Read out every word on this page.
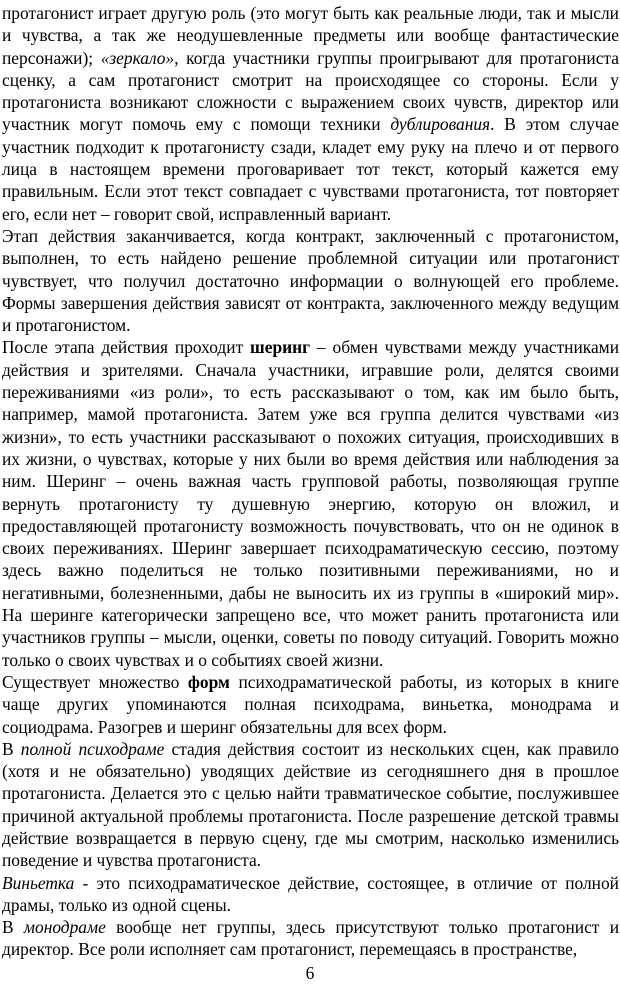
протагонист играет другую роль (это могут быть как реальные люди, так и мысли и чувства, а так же неодушевленные предметы или вообще фантастические персонажи); «зеркало», когда участники группы проигрывают для протагониста сценку, а сам протагонист смотрит на происходящее со стороны. Если у протагониста возникают сложности с выражением своих чувств, директор или участник могут помочь ему с помощи техники дублирования. В этом случае участник подходит к протагонисту сзади, кладет ему руку на плечо и от первого лица в настоящем времени проговаривает тот текст, который кажется ему правильным. Если этот текст совпадает с чувствами протагониста, тот повторяет его, если нет – говорит свой, исправленный вариант.

Этап действия заканчивается, когда контракт, заключенный с протагонистом, выполнен, то есть найдено решение проблемной ситуации или протагонист чувствует, что получил достаточно информации о волнующей его проблеме. Формы завершения действия зависят от контракта, заключенного между ведущим и протагонистом.

После этапа действия проходит шеринг – обмен чувствами между участниками действия и зрителями. Сначала участники, игравшие роли, делятся своими переживаниями «из роли», то есть рассказывают о том, как им было быть, например, мамой протагониста. Затем уже вся группа делится чувствами «из жизни», то есть участники рассказывают о похожих ситуация, происходивших в их жизни, о чувствах, которые у них были во время действия или наблюдения за ним. Шеринг – очень важная часть групповой работы, позволяющая группе вернуть протагонисту ту душевную энергию, которую он вложил, и предоставляющей протагонисту возможность почувствовать, что он не одинок в своих переживаниях. Шеринг завершает психодраматическую сессию, поэтому здесь важно поделиться не только позитивными переживаниями, но и негативными, болезненными, дабы не выносить их из группы в «широкий мир». На шеринге категорически запрещено все, что может ранить протагониста или участников группы – мысли, оценки, советы по поводу ситуаций. Говорить можно только о своих чувствах и о событиях своей жизни.

Существует множество форм психодраматической работы, из которых в книге чаще других упоминаются полная психодрама, виньетка, монодрама и социодрама. Разогрев и шеринг обязательны для всех форм.

В полной психодраме стадия действия состоит из нескольких сцен, как правило (хотя и не обязательно) уводящих действие из сегодняшнего дня в прошлое протагониста. Делается это с целью найти травматическое событие, послужившее причиной актуальной проблемы протагониста. После разрешение детской травмы действие возвращается в первую сцену, где мы смотрим, насколько изменились поведение и чувства протагониста.

Виньетка - это психодраматическое действие, состоящее, в отличие от полной драмы, только из одной сцены.

В монодраме вообще нет группы, здесь присутствуют только протагонист и директор. Все роли исполняет сам протагонист, перемещаясь в пространстве,

6
